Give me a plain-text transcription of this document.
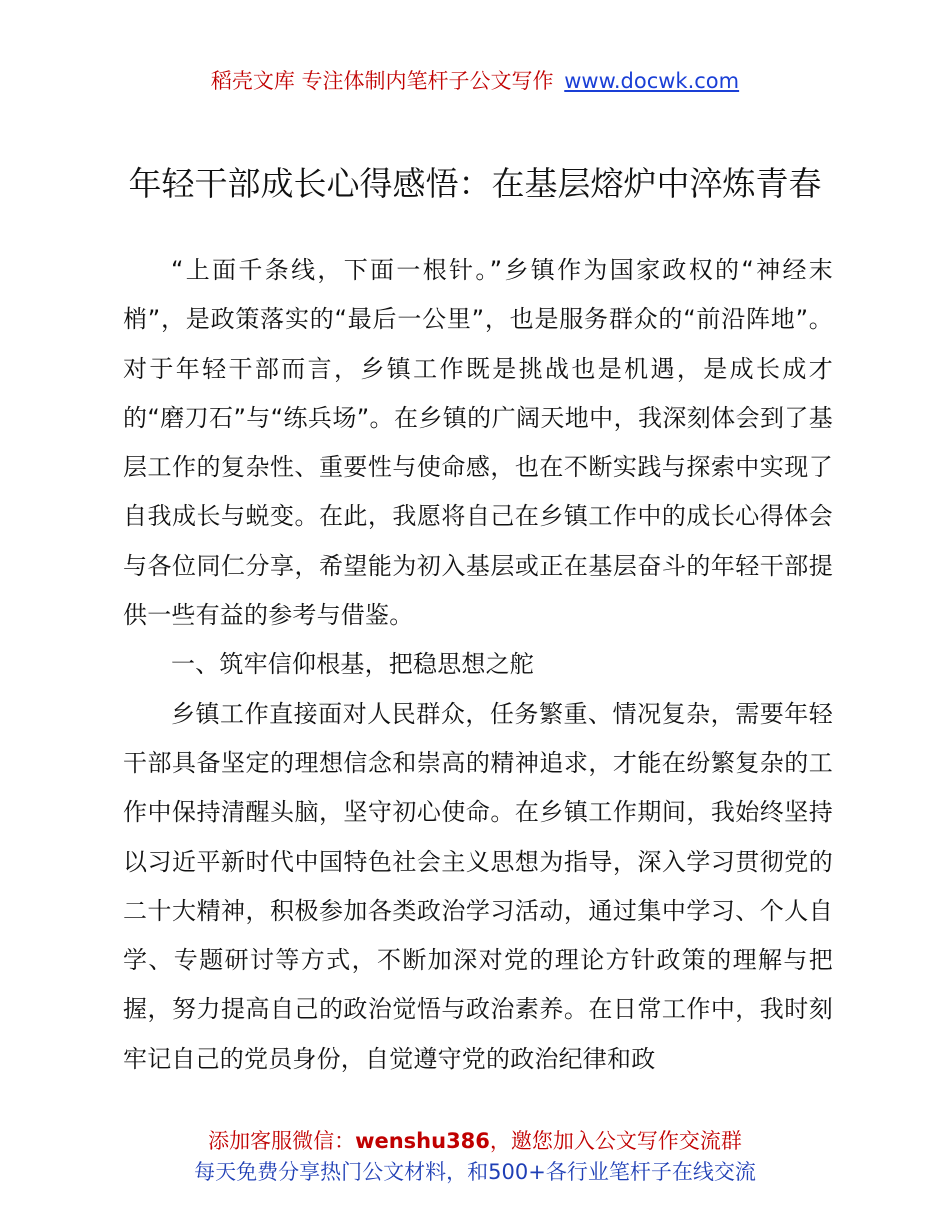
稻壳文库 专注体制内笔杆子公文写作 www.docwk.com
年轻干部成长心得感悟：在基层熔炉中淬炼青春

“上面千条线，下面一根针。”乡镇作为国家政权的“神经末梢”，是政策落实的“最后一公里”，也是服务群众的“前沿阵地”。对于年轻干部而言，乡镇工作既是挑战也是机遇，是成长成才的“磨刀石”与“练兵场”。在乡镇的广阔天地中，我深刻体会到了基层工作的复杂性、重要性与使命感，也在不断实践与探索中实现了自我成长与蜕变。在此，我愿将自己在乡镇工作中的成长心得体会与各位同仁分享，希望能为初入基层或正在基层奋斗的年轻干部提供一些有益的参考与借鉴。

一、筑牢信仰根基，把稳思想之舵

乡镇工作直接面对人民群众，任务繁重、情况复杂，需要年轻干部具备坚定的理想信念和崇高的精神追求，才能在纷繁复杂的工作中保持清醒头脑，坚守初心使命。在乡镇工作期间，我始终坚持以习近平新时代中国特色社会主义思想为指导，深入学习贯彻党的二十大精神，积极参加各类政治学习活动，通过集中学习、个人自学、专题研讨等方式，不断加深对党的理论方针政策的理解与把握，努力提高自己的政治觉悟与政治素养。在日常工作中，我时刻牢记自己的党员身份，自觉遵守党的政治纪律和政

添加客服微信：wenshu386，邀您加入公文写作交流群
每天免费分享热门公文材料，和500+各行业笔杆子在线交流
